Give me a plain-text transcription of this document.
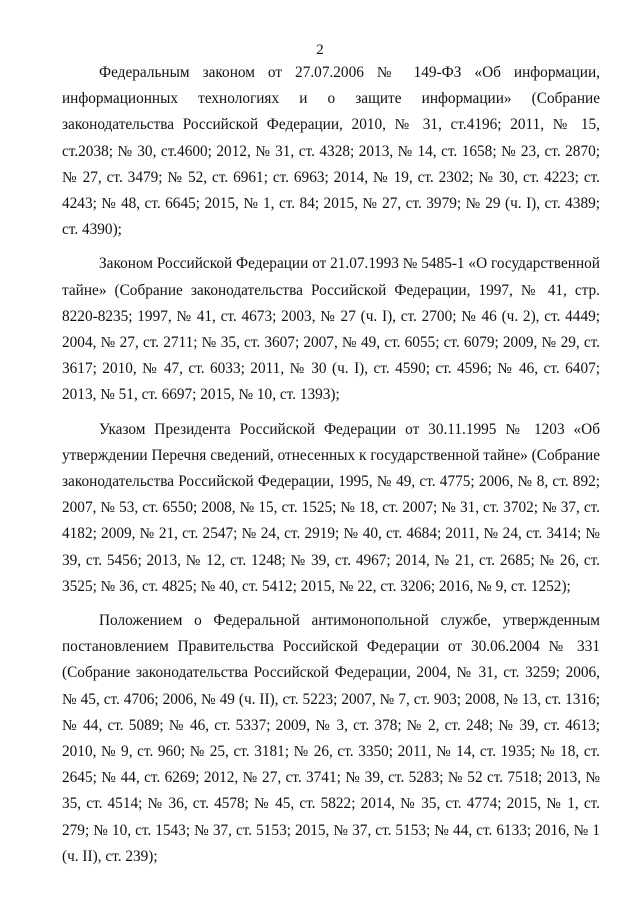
2

Федеральным законом от 27.07.2006 № 149-ФЗ «Об информации, информационных технологиях и о защите информации» (Собрание законодательства Российской Федерации, 2010, № 31, ст.4196; 2011, № 15, ст.2038; № 30, ст.4600; 2012, № 31, ст. 4328; 2013, № 14, ст. 1658; № 23, ст. 2870; № 27, ст. 3479; № 52, ст. 6961; ст. 6963; 2014, № 19, ст. 2302; № 30, ст. 4223; ст. 4243; № 48, ст. 6645; 2015, № 1, ст. 84; 2015, № 27, ст. 3979; № 29 (ч. I), ст. 4389; ст. 4390);

Законом Российской Федерации от 21.07.1993 № 5485-1 «О государственной тайне» (Собрание законодательства Российской Федерации, 1997, № 41, стр. 8220-8235; 1997, № 41, ст. 4673; 2003, № 27 (ч. I), ст. 2700; № 46 (ч. 2), ст. 4449; 2004, № 27, ст. 2711; № 35, ст. 3607; 2007, № 49, ст. 6055; ст. 6079; 2009, № 29, ст. 3617; 2010, № 47, ст. 6033; 2011, № 30 (ч. I), ст. 4590; ст. 4596; № 46, ст. 6407; 2013, № 51, ст. 6697; 2015, № 10, ст. 1393);

Указом Президента Российской Федерации от 30.11.1995 № 1203 «Об утверждении Перечня сведений, отнесенных к государственной тайне» (Собрание законодательства Российской Федерации, 1995, № 49, ст. 4775; 2006, № 8, ст. 892; 2007, № 53, ст. 6550; 2008, № 15, ст. 1525; № 18, ст. 2007; № 31, ст. 3702; № 37, ст. 4182; 2009, № 21, ст. 2547; № 24, ст. 2919; № 40, ст. 4684; 2011, № 24, ст. 3414; № 39, ст. 5456; 2013, № 12, ст. 1248; № 39, ст. 4967; 2014, № 21, ст. 2685; № 26, ст. 3525; № 36, ст. 4825; № 40, ст. 5412; 2015, № 22, ст. 3206; 2016, № 9, ст. 1252);

Положением о Федеральной антимонопольной службе, утвержденным постановлением Правительства Российской Федерации от 30.06.2004 № 331 (Собрание законодательства Российской Федерации, 2004, № 31, ст. 3259; 2006, № 45, ст. 4706; 2006, № 49 (ч. II), ст. 5223; 2007, № 7, ст. 903; 2008, № 13, ст. 1316; № 44, ст. 5089; № 46, ст. 5337; 2009, № 3, ст. 378; № 2, ст. 248; № 39, ст. 4613; 2010, № 9, ст. 960; № 25, ст. 3181; № 26, ст. 3350; 2011, № 14, ст. 1935; № 18, ст. 2645; № 44, ст. 6269; 2012, № 27, ст. 3741; № 39, ст. 5283; № 52 ст. 7518; 2013, № 35, ст. 4514; № 36, ст. 4578; № 45, ст. 5822; 2014, № 35, ст. 4774; 2015, № 1, ст. 279; № 10, ст. 1543; № 37, ст. 5153; 2015, № 37, ст. 5153; № 44, ст. 6133; 2016, № 1 (ч. II), ст. 239);
